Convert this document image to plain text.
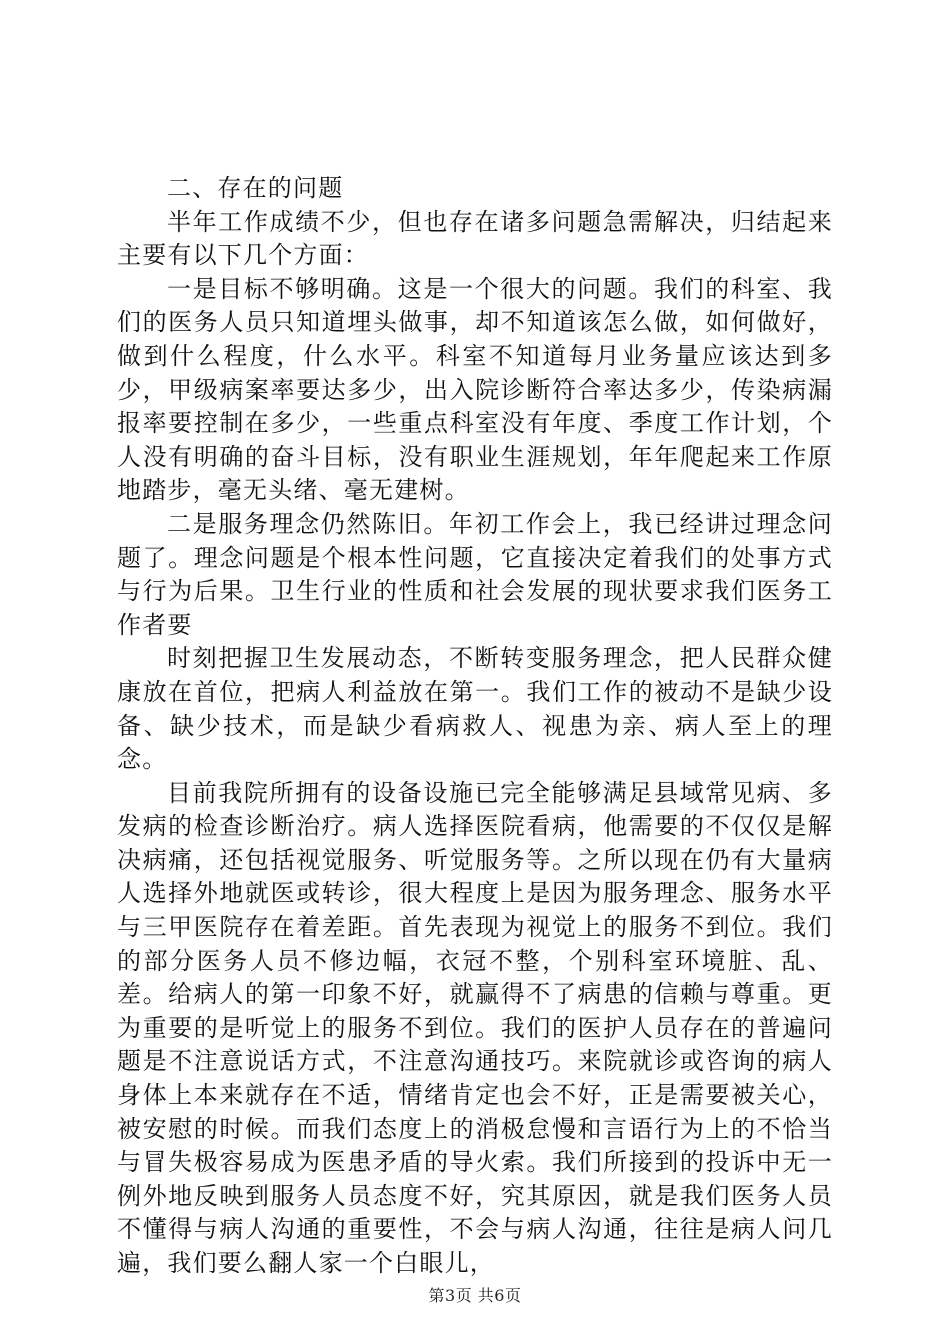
二、存在的问题

半年工作成绩不少，但也存在诸多问题急需解决，归结起来主要有以下几个方面：

一是目标不够明确。这是一个很大的问题。我们的科室、我们的医务人员只知道埋头做事，却不知道该怎么做，如何做好，做到什么程度，什么水平。科室不知道每月业务量应该达到多少，甲级病案率要达多少，出入院诊断符合率达多少，传染病漏报率要控制在多少，一些重点科室没有年度、季度工作计划，个人没有明确的奋斗目标，没有职业生涯规划，年年爬起来工作原地踏步，毫无头绪、毫无建树。

二是服务理念仍然陈旧。年初工作会上，我已经讲过理念问题了。理念问题是个根本性问题，它直接决定着我们的处事方式与行为后果。卫生行业的性质和社会发展的现状要求我们医务工作者要

时刻把握卫生发展动态，不断转变服务理念，把人民群众健康放在首位，把病人利益放在第一。我们工作的被动不是缺少设备、缺少技术，而是缺少看病救人、视患为亲、病人至上的理念。

目前我院所拥有的设备设施已完全能够满足县域常见病、多发病的检查诊断治疗。病人选择医院看病，他需要的不仅仅是解决病痛，还包括视觉服务、听觉服务等。之所以现在仍有大量病人选择外地就医或转诊，很大程度上是因为服务理念、服务水平与三甲医院存在着差距。首先表现为视觉上的服务不到位。我们的部分医务人员不修边幅，衣冠不整，个别科室环境脏、乱、差。给病人的第一印象不好，就赢得不了病患的信赖与尊重。更为重要的是听觉上的服务不到位。我们的医护人员存在的普遍问题是不注意说话方式，不注意沟通技巧。来院就诊或咨询的病人身体上本来就存在不适，情绪肯定也会不好，正是需要被关心，被安慰的时候。而我们态度上的消极怠慢和言语行为上的不恰当与冒失极容易成为医患矛盾的导火索。我们所接到的投诉中无一例外地反映到服务人员态度不好，究其原因，就是我们医务人员不懂得与病人沟通的重要性，不会与病人沟通，往往是病人问几遍，我们要么翻人家一个白眼儿，

第3页 共6页
